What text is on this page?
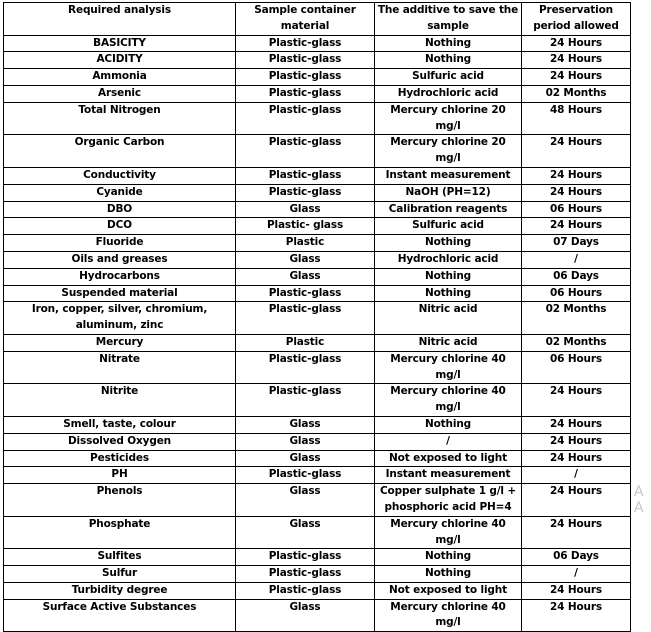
Required analysis	Sample container material	The additive to save the sample	Preservation period allowed
BASICITY	Plastic-glass	Nothing	24 Hours
ACIDITY	Plastic-glass	Nothing	24 Hours
Ammonia	Plastic-glass	Sulfuric acid	24 Hours
Arsenic	Plastic-glass	Hydrochloric acid	02 Months
Total Nitrogen	Plastic-glass	Mercury chlorine 20 mg/l	48 Hours
Organic Carbon	Plastic-glass	Mercury chlorine 20 mg/l	24 Hours
Conductivity	Plastic-glass	Instant measurement	24 Hours
Cyanide	Plastic-glass	NaOH (PH=12)	24 Hours
DBO	Glass	Calibration reagents	06 Hours
DCO	Plastic- glass	Sulfuric acid	24 Hours
Fluoride	Plastic	Nothing	07 Days
Oils and greases	Glass	Hydrochloric acid	/
Hydrocarbons	Glass	Nothing	06 Days
Suspended material	Plastic-glass	Nothing	06 Hours
Iron, copper, silver, chromium, aluminum, zinc	Plastic-glass	Nitric acid	02 Months
Mercury	Plastic	Nitric acid	02 Months
Nitrate	Plastic-glass	Mercury chlorine 40 mg/l	06 Hours
Nitrite	Plastic-glass	Mercury chlorine 40 mg/l	24 Hours
Smell, taste, colour	Glass	Nothing	24 Hours
Dissolved Oxygen	Glass	/	24 Hours
Pesticides	Glass	Not exposed to light	24 Hours
PH	Plastic-glass	Instant measurement	/
Phenols	Glass	Copper sulphate 1 g/l + phosphoric acid PH=4	24 Hours
Phosphate	Glass	Mercury chlorine 40 mg/l	24 Hours
Sulfites	Plastic-glass	Nothing	06 Days
Sulfur	Plastic-glass	Nothing	/
Turbidity degree	Plastic-glass	Not exposed to light	24 Hours
Surface Active Substances	Glass	Mercury chlorine 40 mg/l	24 Hours
A
A
